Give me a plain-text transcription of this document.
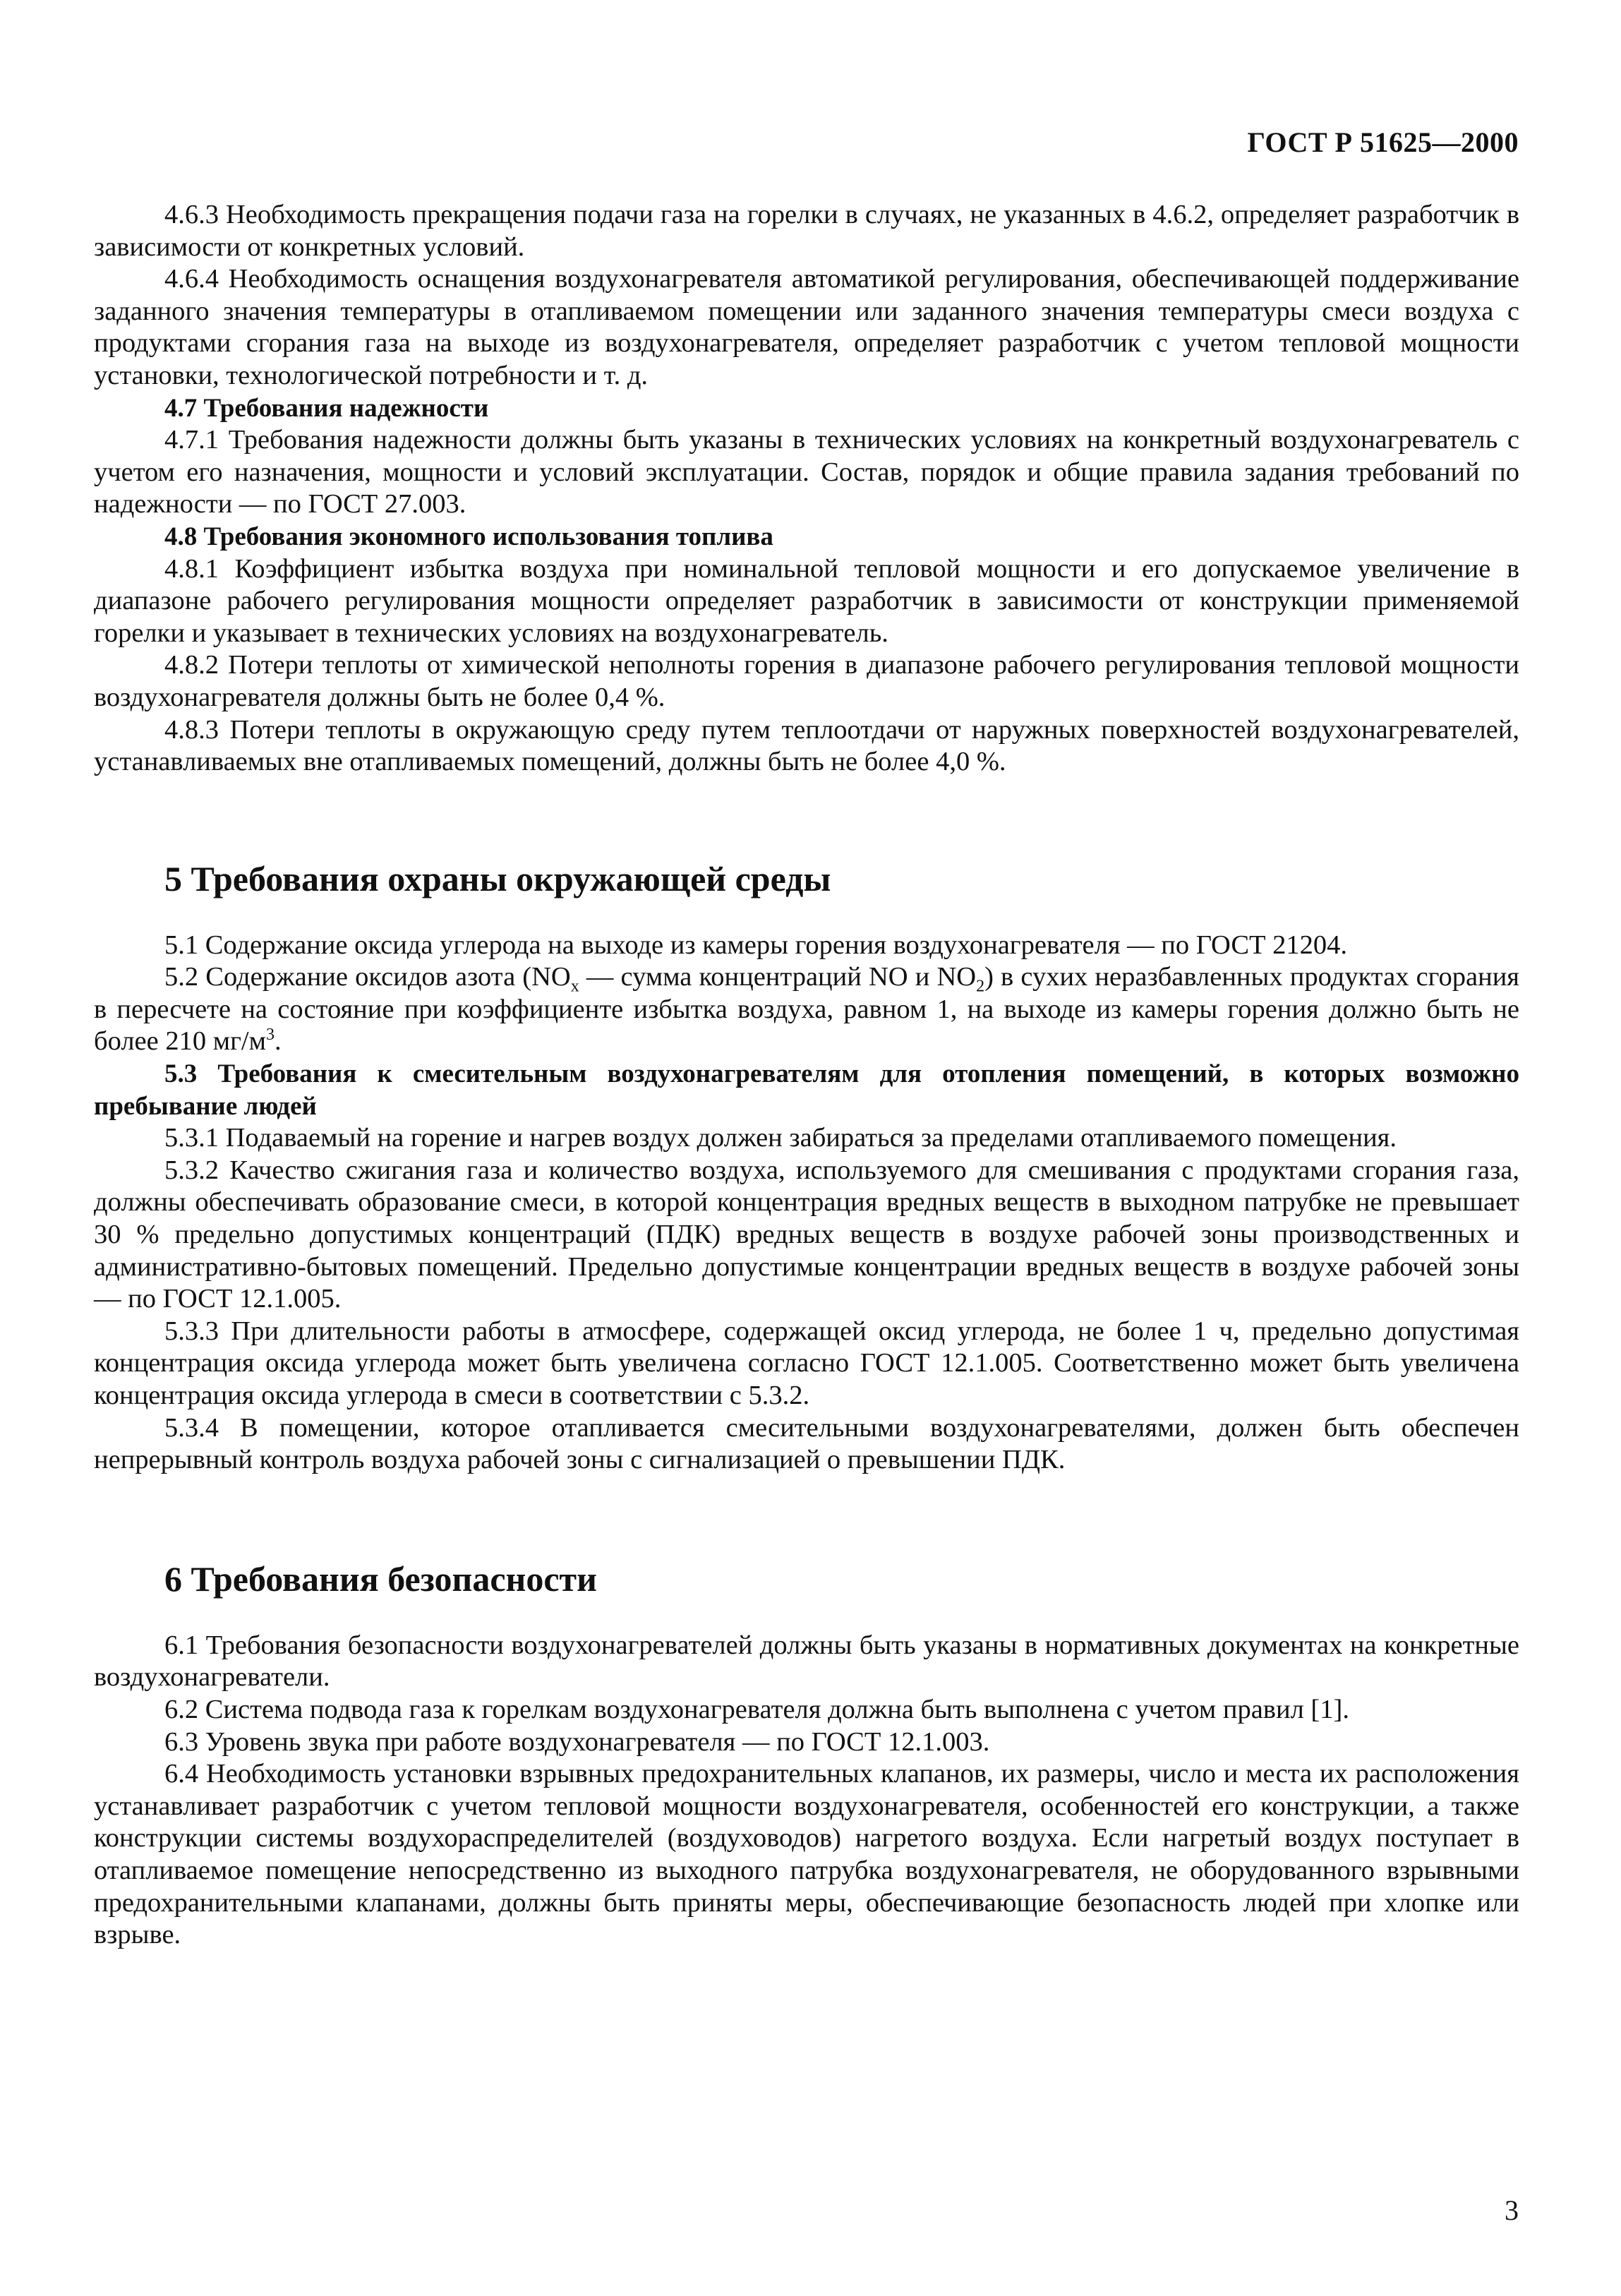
ГОСТ Р 51625—2000

4.6.3 Необходимость прекращения подачи газа на горелки в случаях, не указанных в 4.6.2, определяет разработчик в зависимости от конкретных условий.

4.6.4 Необходимость оснащения воздухонагревателя автоматикой регулирования, обеспечивающей поддерживание заданного значения температуры в отапливаемом помещении или заданного значения температуры смеси воздуха с продуктами сгорания газа на выходе из воздухонагревателя, определяет разработчик с учетом тепловой мощности установки, технологической потребности и т. д.

4.7 Требования надежности

4.7.1 Требования надежности должны быть указаны в технических условиях на конкретный воздухонагреватель с учетом его назначения, мощности и условий эксплуатации. Состав, порядок и общие правила задания требований по надежности — по ГОСТ 27.003.

4.8 Требования экономного использования топлива

4.8.1 Коэффициент избытка воздуха при номинальной тепловой мощности и его допускаемое увеличение в диапазоне рабочего регулирования мощности определяет разработчик в зависимости от конструкции применяемой горелки и указывает в технических условиях на воздухонагреватель.

4.8.2 Потери теплоты от химической неполноты горения в диапазоне рабочего регулирования тепловой мощности воздухонагревателя должны быть не более 0,4 %.

4.8.3 Потери теплоты в окружающую среду путем теплоотдачи от наружных поверхностей воздухонагревателей, устанавливаемых вне отапливаемых помещений, должны быть не более 4,0 %.

5 Требования охраны окружающей среды

5.1 Содержание оксида углерода на выходе из камеры горения воздухонагревателя — по ГОСТ 21204.

5.2 Содержание оксидов азота ($NO_x$ — сумма концентраций NO и $NO_2$) в сухих неразбавленных продуктах сгорания в пересчете на состояние при коэффициенте избытка воздуха, равном 1, на выходе из камеры горения должно быть не более 210 $мг/м^3$.

5.3 Требования к смесительным воздухонагревателям для отопления помещений, в которых возможно пребывание людей

5.3.1 Подаваемый на горение и нагрев воздух должен забираться за пределами отапливаемого помещения.

5.3.2 Качество сжигания газа и количество воздуха, используемого для смешивания с продуктами сгорания газа, должны обеспечивать образование смеси, в которой концентрация вредных веществ в выходном патрубке не превышает 30 % предельно допустимых концентраций (ПДК) вредных веществ в воздухе рабочей зоны производственных и административно-бытовых помещений. Предельно допустимые концентрации вредных веществ в воздухе рабочей зоны — по ГОСТ 12.1.005.

5.3.3 При длительности работы в атмосфере, содержащей оксид углерода, не более 1 ч, предельно допустимая концентрация оксида углерода может быть увеличена согласно ГОСТ 12.1.005. Соответственно может быть увеличена концентрация оксида углерода в смеси в соответствии с 5.3.2.

5.3.4 В помещении, которое отапливается смесительными воздухонагревателями, должен быть обеспечен непрерывный контроль воздуха рабочей зоны с сигнализацией о превышении ПДК.

6 Требования безопасности

6.1 Требования безопасности воздухонагревателей должны быть указаны в нормативных документах на конкретные воздухонагреватели.

6.2 Система подвода газа к горелкам воздухонагревателя должна быть выполнена с учетом правил [1].

6.3 Уровень звука при работе воздухонагревателя — по ГОСТ 12.1.003.

6.4 Необходимость установки взрывных предохранительных клапанов, их размеры, число и места их расположения устанавливает разработчик с учетом тепловой мощности воздухонагревателя, особенностей его конструкции, а также конструкции системы воздухораспределителей (воздуховодов) нагретого воздуха. Если нагретый воздух поступает в отапливаемое помещение непосредственно из выходного патрубка воздухонагревателя, не оборудованного взрывными предохранительными клапанами, должны быть приняты меры, обеспечивающие безопасность людей при хлопке или взрыве.

3
